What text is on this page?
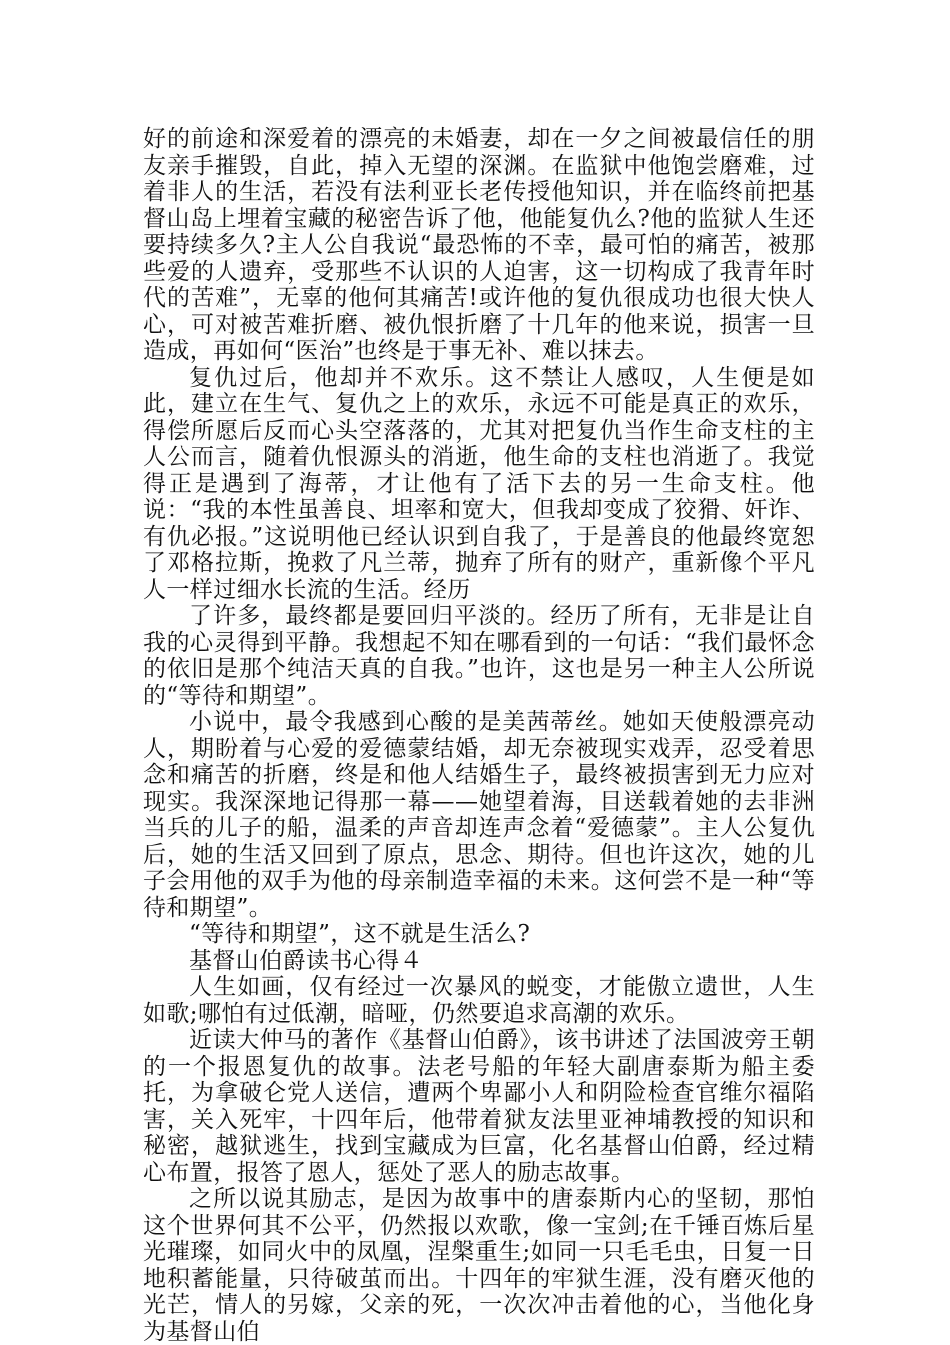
好的前途和深爱着的漂亮的未婚妻，却在一夕之间被最信任的朋友亲手摧毁，自此，掉入无望的深渊。在监狱中他饱尝磨难，过着非人的生活，若没有法利亚长老传授他知识，并在临终前把基督山岛上埋着宝藏的秘密告诉了他，他能复仇么?他的监狱人生还要持续多久?主人公自我说“最恐怖的不幸，最可怕的痛苦，被那些爱的人遗弃，受那些不认识的人迫害，这一切构成了我青年时代的苦难”，无辜的他何其痛苦!或许他的复仇很成功也很大快人心，可对被苦难折磨、被仇恨折磨了十几年的他来说，损害一旦造成，再如何“医治”也终是于事无补、难以抹去。

复仇过后，他却并不欢乐。这不禁让人感叹，人生便是如此，建立在生气、复仇之上的欢乐，永远不可能是真正的欢乐，得偿所愿后反而心头空落落的，尤其对把复仇当作生命支柱的主人公而言，随着仇恨源头的消逝，他生命的支柱也消逝了。我觉得正是遇到了海蒂，才让他有了活下去的另一生命支柱。他说：“我的本性虽善良、坦率和宽大，但我却变成了狡猾、奸诈、有仇必报。”这说明他已经认识到自我了，于是善良的他最终宽恕了邓格拉斯，挽救了凡兰蒂，抛弃了所有的财产，重新像个平凡人一样过细水长流的生活。经历

了许多，最终都是要回归平淡的。经历了所有，无非是让自我的心灵得到平静。我想起不知在哪看到的一句话：“我们最怀念的依旧是那个纯洁天真的自我。”也许，这也是另一种主人公所说的“等待和期望”。

小说中，最令我感到心酸的是美茜蒂丝。她如天使般漂亮动人，期盼着与心爱的爱德蒙结婚，却无奈被现实戏弄，忍受着思念和痛苦的折磨，终是和他人结婚生子，最终被损害到无力应对现实。我深深地记得那一幕——她望着海，目送载着她的去非洲当兵的儿子的船，温柔的声音却连声念着“爱德蒙”。主人公复仇后，她的生活又回到了原点，思念、期待。但也许这次，她的儿子会用他的双手为他的母亲制造幸福的未来。这何尝不是一种“等待和期望”。

“等待和期望”，这不就是生活么?

基督山伯爵读书心得４

人生如画，仅有经过一次暴风的蜕变，才能傲立遗世，人生如歌;哪怕有过低潮，暗哑，仍然要追求高潮的欢乐。

近读大仲马的著作《基督山伯爵》，该书讲述了法国波旁王朝的一个报恩复仇的故事。法老号船的年轻大副唐泰斯为船主委托，为拿破仑党人送信，遭两个卑鄙小人和阴险检查官维尔福陷害，关入死牢，十四年后，他带着狱友法里亚神埔教授的知识和秘密，越狱逃生，找到宝藏成为巨富，化名基督山伯爵，经过精心布置，报答了恩人，惩处了恶人的励志故事。

之所以说其励志，是因为故事中的唐泰斯内心的坚韧，那怕这个世界何其不公平，仍然报以欢歌，像一宝剑;在千锤百炼后星光璀璨，如同火中的凤凰，涅槃重生;如同一只毛毛虫，日复一日地积蓄能量，只待破茧而出。十四年的牢狱生涯，没有磨灭他的光芒，情人的另嫁，父亲的死，一次次冲击着他的心，当他化身为基督山伯
